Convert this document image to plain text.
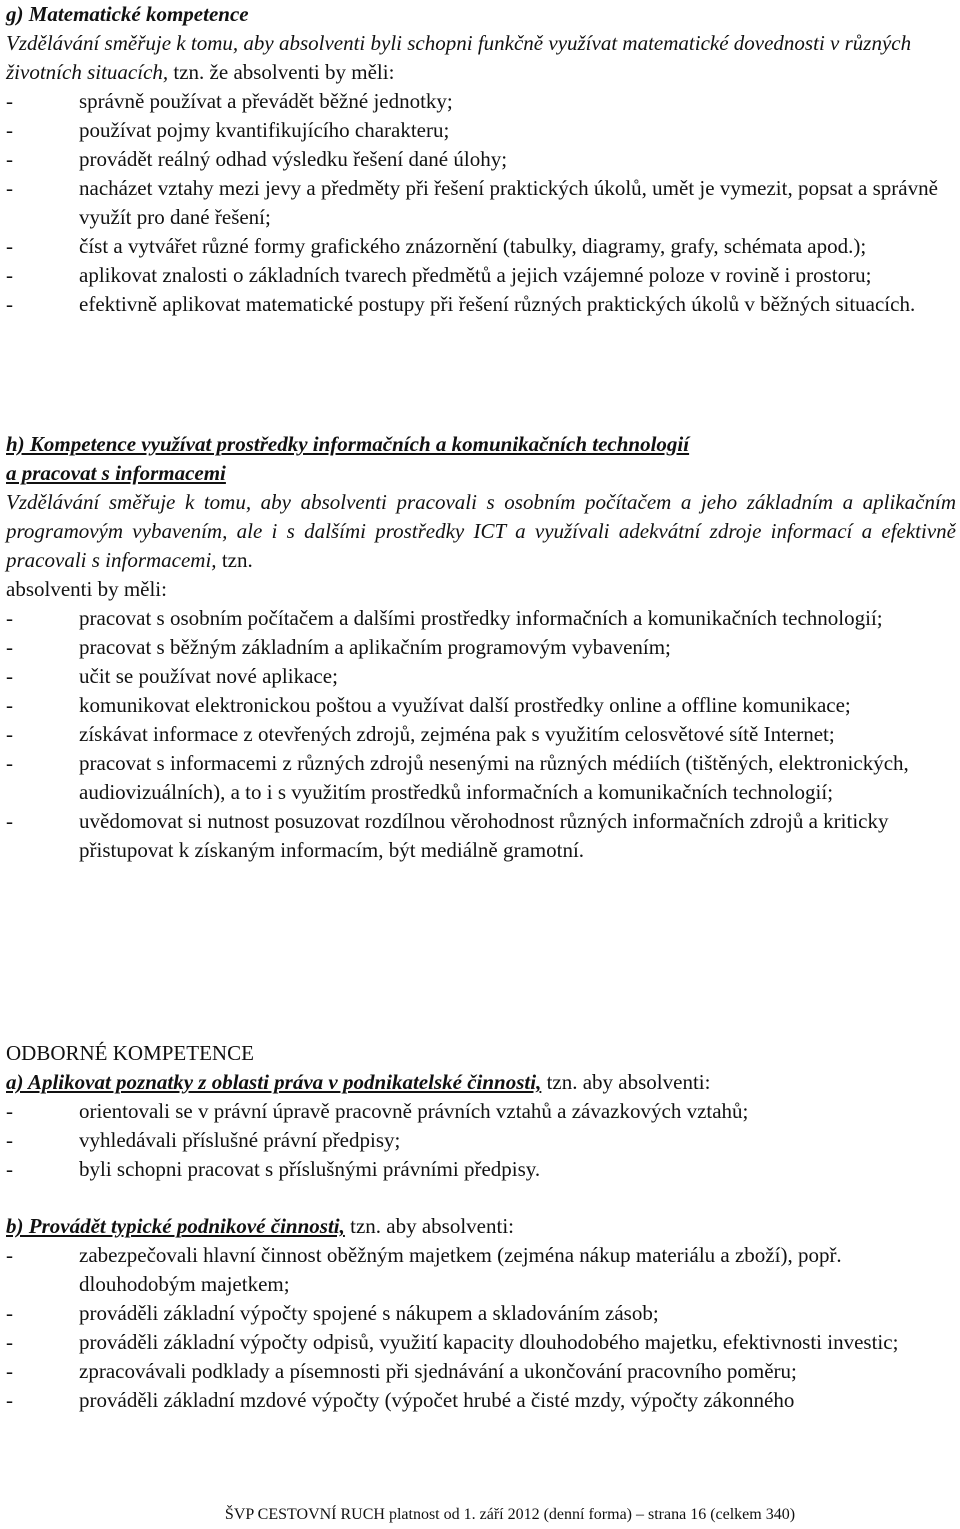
g) Matematické kompetence

Vzdělávání směřuje k tomu, aby absolventi byli schopni funkčně využívat matematické dovednosti v různých životních situacích, tzn. že absolventi by měli:

- správně používat a převádět běžné jednotky;
- používat pojmy kvantifikujícího charakteru;
- provádět reálný odhad výsledku řešení dané úlohy;
- nacházet vztahy mezi jevy a předměty při řešení praktických úkolů, umět je vymezit, popsat a správně využít pro dané řešení;
- číst a vytvářet různé formy grafického znázornění (tabulky, diagramy, grafy, schémata apod.);
- aplikovat znalosti o základních tvarech předmětů a jejich vzájemné poloze v rovině i prostoru;
- efektivně aplikovat matematické postupy při řešení různých praktických úkolů v běžných situacích.

h) Kompetence využívat prostředky informačních a komunikačních technologií

a pracovat s informacemi

Vzdělávání směřuje k tomu, aby absolventi pracovali s osobním počítačem a jeho základním a aplikačním programovým vybavením, ale i s dalšími prostředky ICT a využívali adekvátní zdroje informací a efektivně pracovali s informacemi, tzn.

absolventi by měli:

- pracovat s osobním počítačem a dalšími prostředky informačních a komunikačních technologií;
- pracovat s běžným základním a aplikačním programovým vybavením;
- učit se používat nové aplikace;
- komunikovat elektronickou poštou a využívat další prostředky online a offline komunikace;
- získávat informace z otevřených zdrojů, zejména pak s využitím celosvětové sítě Internet;
- pracovat s informacemi z různých zdrojů nesenými na různých médiích (tištěných, elektronických, audiovizuálních), a to i s využitím prostředků informačních a komunikačních technologií;
- uvědomovat si nutnost posuzovat rozdílnou věrohodnost různých informačních zdrojů a kriticky přistupovat k získaným informacím, být mediálně gramotní.

ODBORNÉ KOMPETENCE

a) Aplikovat poznatky z oblasti práva v podnikatelské činnosti, tzn. aby absolventi:

- orientovali se v právní úpravě pracovně právních vztahů a závazkových vztahů;
- vyhledávali příslušné právní předpisy;
- byli schopni pracovat s příslušnými právními předpisy.

b) Provádět typické podnikové činnosti, tzn. aby absolventi:

- zabezpečovali hlavní činnost oběžným majetkem (zejména nákup materiálu a zboží), popř. dlouhodobým majetkem;
- prováděli základní výpočty spojené s nákupem a skladováním zásob;
- prováděli základní výpočty odpisů, využití kapacity dlouhodobého majetku, efektivnosti investic;
- zpracovávali podklady a písemnosti při sjednávání a ukončování pracovního poměru;
- prováděli základní mzdové výpočty (výpočet hrubé a čisté mzdy, výpočty zákonného
ŠVP CESTOVNÍ RUCH platnost od 1. září 2012 (denní forma) – strana 16 (celkem 340)
